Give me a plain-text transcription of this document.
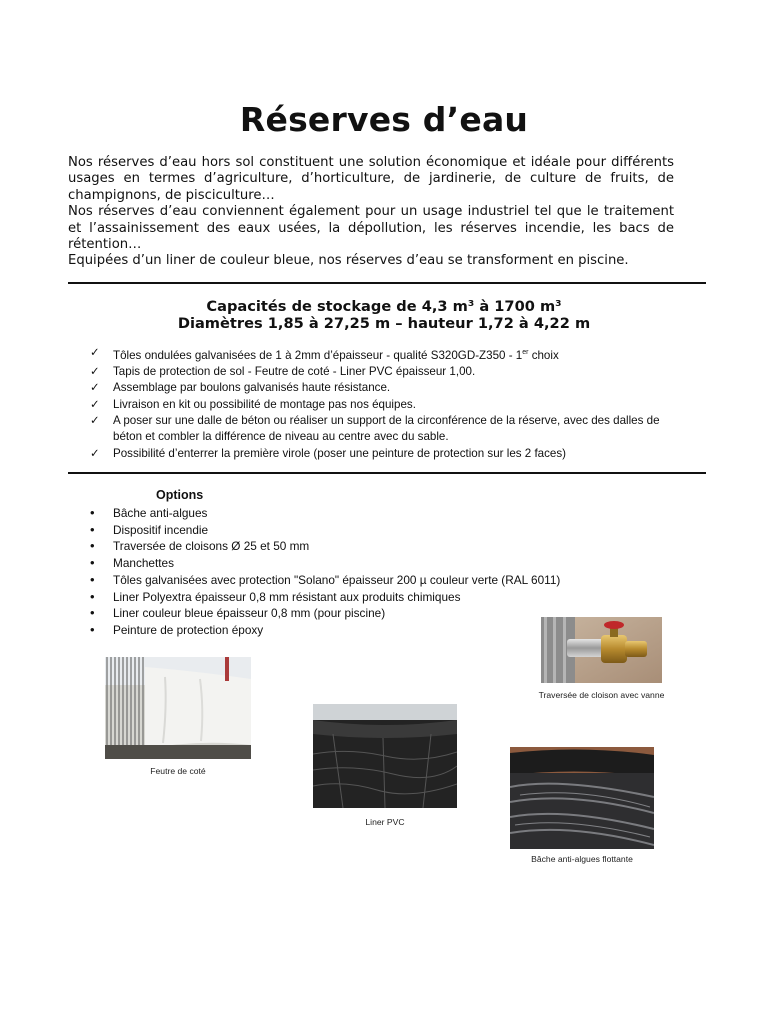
Réserves d’eau

Nos réserves d’eau hors sol constituent une solution économique et idéale pour différents usages en termes d’agriculture, d’horticulture, de jardinerie, de culture de fruits, de champignons, de pisciculture…

Nos réserves d’eau conviennent également pour un usage industriel tel que le traitement et l’assainissement des eaux usées, la dépollution, les réserves incendie, les bacs de rétention…

Equipées d’un liner de couleur bleue, nos réserves d’eau se transforment en piscine.

Capacités de stockage de 4,3 m³ à 1700 m³
Diamètres 1,85 à 27,25 m – hauteur 1,72 à 4,22 m
✓ Tôles ondulées galvanisées de 1 à 2mm d’épaisseur - qualité S320GD-Z350 - 1er choix
✓ Tapis de protection de sol - Feutre de coté - Liner PVC épaisseur 1,00.
✓ Assemblage par boulons galvanisés haute résistance.
✓ Livraison en kit ou possibilité de montage pas nos équipes.
✓ A poser sur une dalle de béton ou réaliser un support de la circonférence de la réserve, avec des dalles de béton et combler la différence de niveau au centre avec du sable.
✓ Possibilité d’enterrer la première virole (poser une peinture de protection sur les 2 faces)
Options
• Bâche anti-algues
• Dispositif incendie
• Traversée de cloisons Ø 25 et 50 mm
• Manchettes
• Tôles galvanisées avec protection "Solano" épaisseur 200 µ couleur verte (RAL 6011)
• Liner Polyextra épaisseur 0,8 mm résistant aux produits chimiques
• Liner couleur bleue épaisseur 0,8 mm (pour piscine)
• Peinture de protection époxy
Traversée de cloison avec vanne
Feutre de coté
Liner PVC
Bâche anti-algues flottante
